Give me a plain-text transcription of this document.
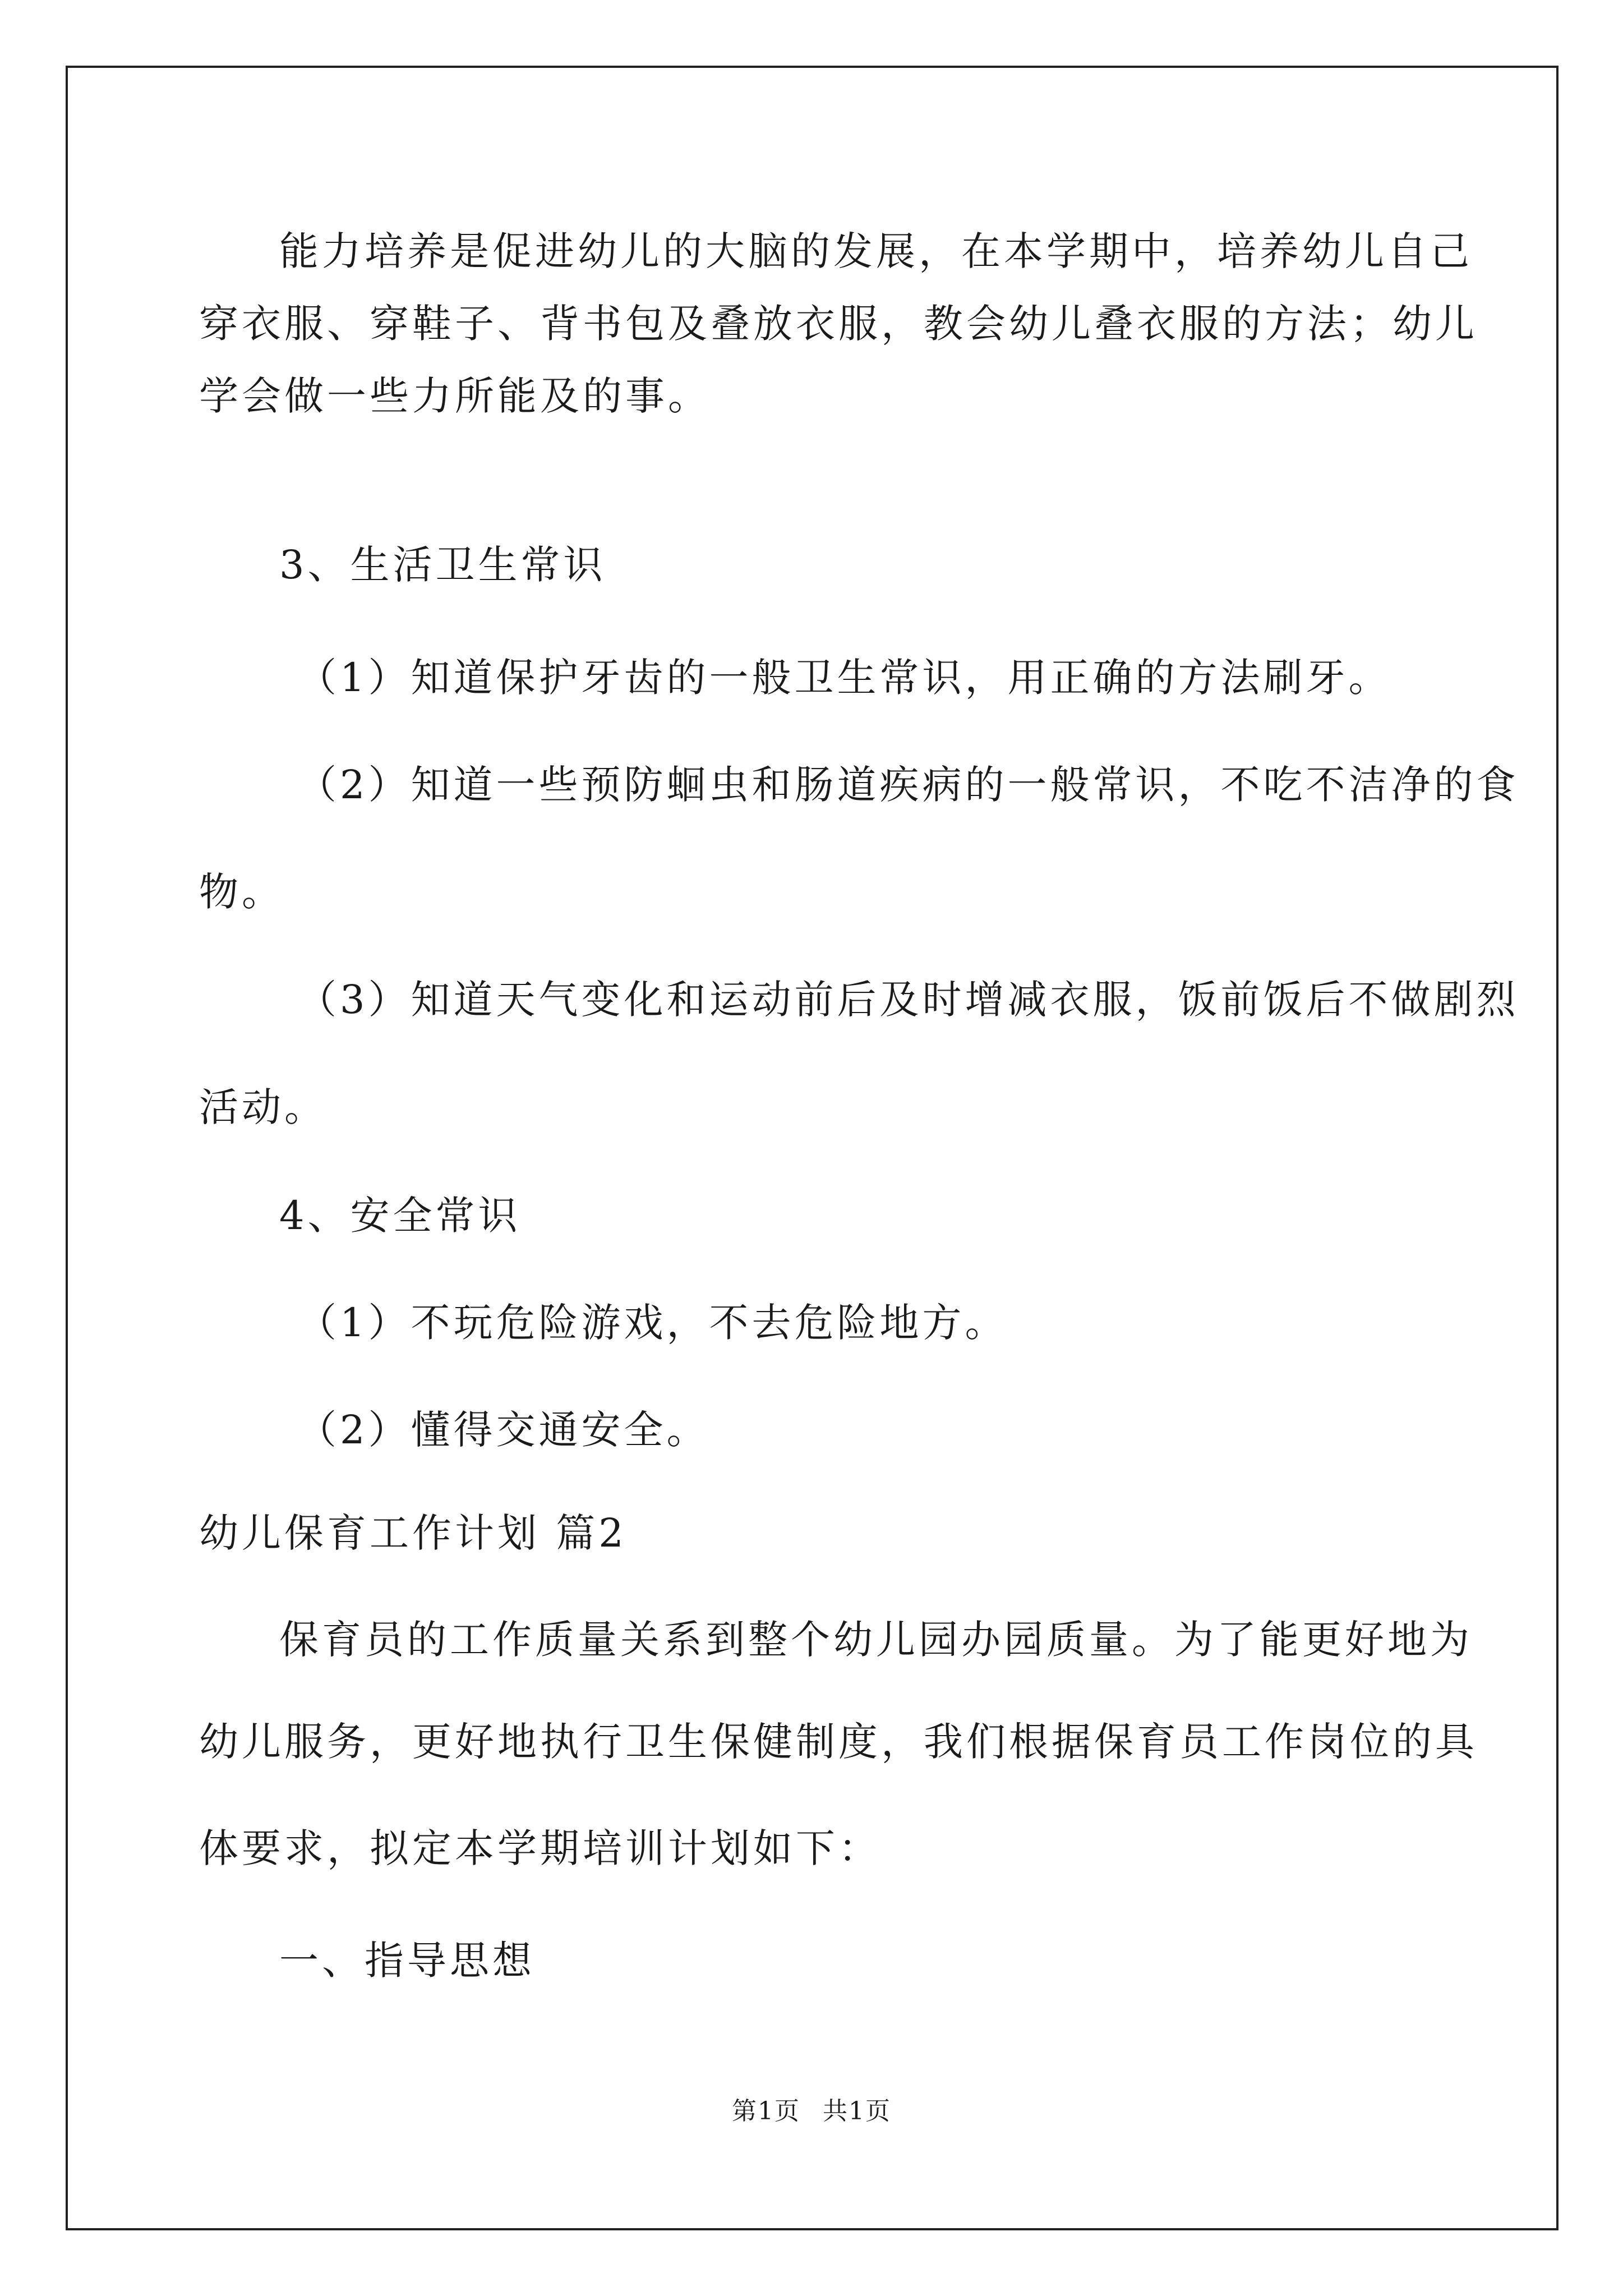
能力培养是促进幼儿的大脑的发展，在本学期中，培养幼儿自己
穿衣服、穿鞋子、背书包及叠放衣服，教会幼儿叠衣服的方法；幼儿
学会做一些力所能及的事。
3、生活卫生常识
（1）知道保护牙齿的一般卫生常识，用正确的方法刷牙。
（2）知道一些预防蛔虫和肠道疾病的一般常识，不吃不洁净的食
物。
（3）知道天气变化和运动前后及时增减衣服，饭前饭后不做剧烈
活动。
4、安全常识
（1）不玩危险游戏，不去危险地方。
（2）懂得交通安全。
幼儿保育工作计划 篇2
保育员的工作质量关系到整个幼儿园办园质量。为了能更好地为
幼儿服务，更好地执行卫生保健制度，我们根据保育员工作岗位的具
体要求，拟定本学期培训计划如下：
一、指导思想
第1页 共1页
